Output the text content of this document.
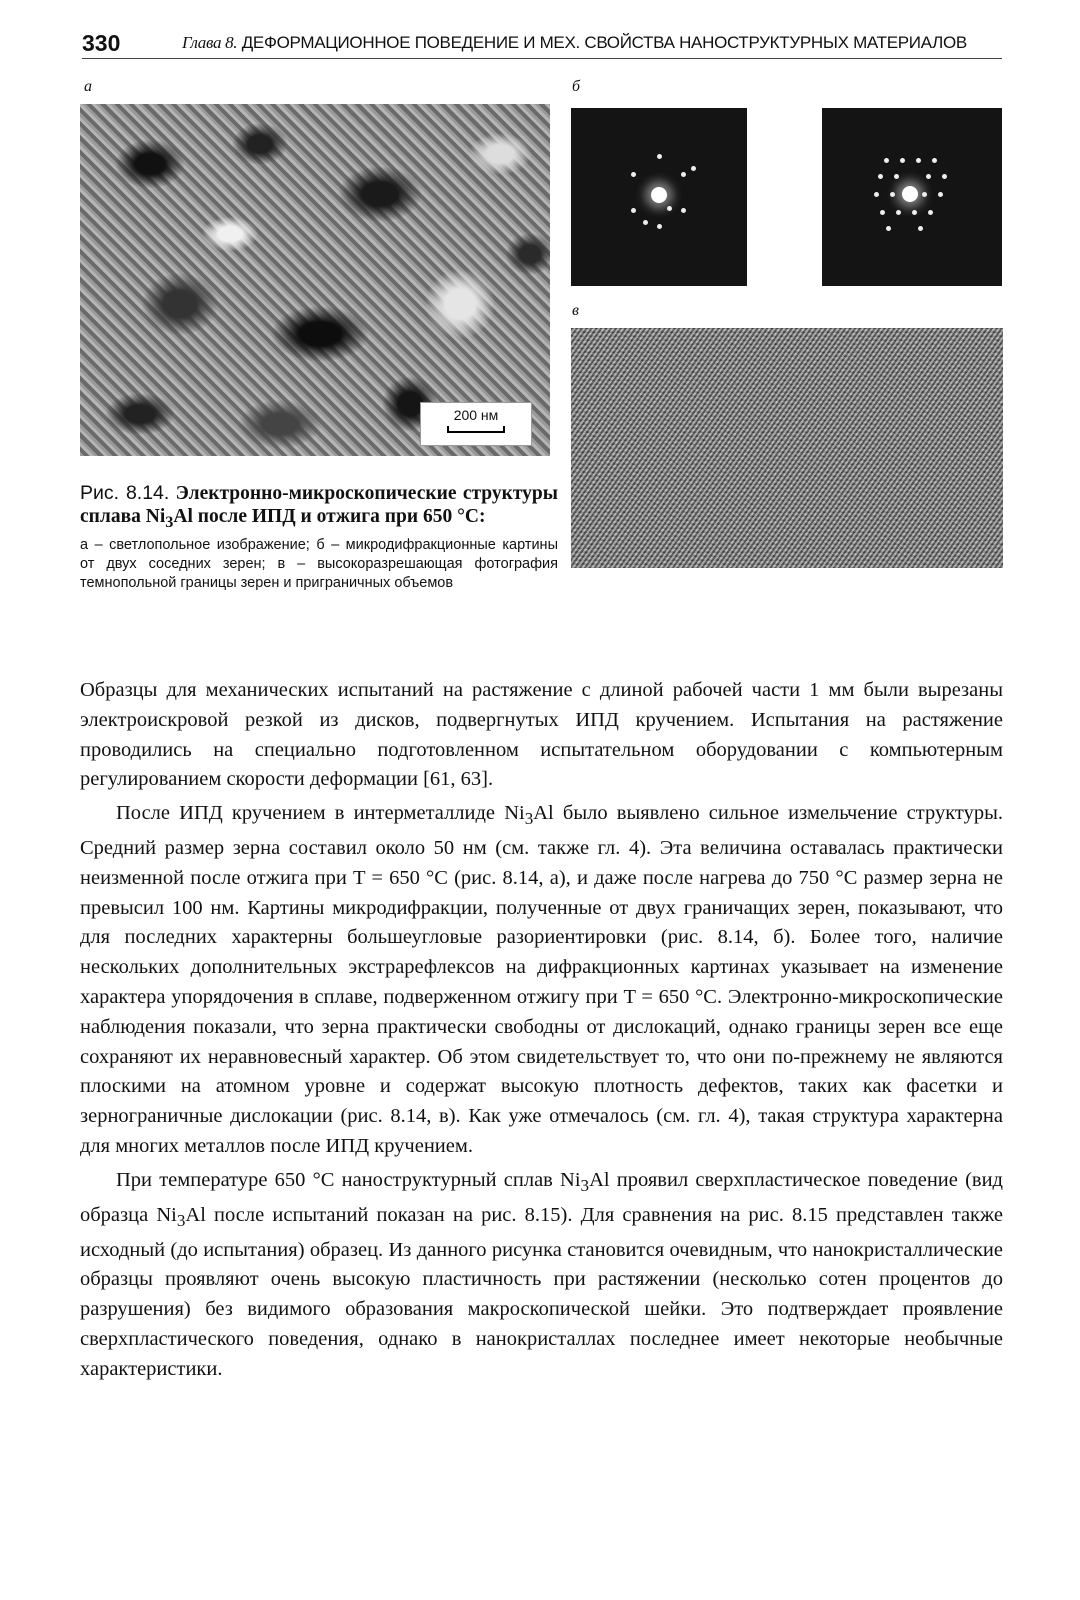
330	Глава 8. ДЕФОРМАЦИОННОЕ ПОВЕДЕНИЕ И МЕХ. СВОЙСТВА НАНОСТРУКТУРНЫХ МАТЕРИАЛОВ
а	б
в
200 нм
Рис. 8.14. Электронно-микроскопические структуры сплава $Ni_3Al$ после ИПД и отжига при 650 °С:
а – светлопольное изображение; б – микродифракционные картины от двух соседних зерен; в – высокоразрешающая фотография темнопольной границы зерен и приграничных объемов

Образцы для механических испытаний на растяжение с длиной рабочей части 1 мм были вырезаны электроискровой резкой из дисков, подвергнутых ИПД кручением. Испытания на растяжение проводились на специально подготовленном испытательном оборудовании с компьютерным регулированием скорости деформации [61, 63].

После ИПД кручением в интерметаллиде $Ni_3Al$ было выявлено сильное измельчение структуры. Средний размер зерна составил около 50 нм (см. также гл. 4). Эта величина оставалась практически неизменной после отжига при T = 650 °С (рис. 8.14, а), и даже после нагрева до 750 °С размер зерна не превысил 100 нм. Картины микродифракции, полученные от двух граничащих зерен, показывают, что для последних характерны большеугловые разориентировки (рис. 8.14, б). Более того, наличие нескольких дополнительных экстрарефлексов на дифракционных картинах указывает на изменение характера упорядочения в сплаве, подверженном отжигу при T = 650 °С. Электронно-микроскопические наблюдения показали, что зерна практически свободны от дислокаций, однако границы зерен все еще сохраняют их неравновесный характер. Об этом свидетельствует то, что они по-прежнему не являются плоскими на атомном уровне и содержат высокую плотность дефектов, таких как фасетки и зернограничные дислокации (рис. 8.14, в). Как уже отмечалось (см. гл. 4), такая структура характерна для многих металлов после ИПД кручением.

При температуре 650 °С наноструктурный сплав $Ni_3Al$ проявил сверхпластическое поведение (вид образца $Ni_3Al$ после испытаний показан на рис. 8.15). Для сравнения на рис. 8.15 представлен также исходный (до испытания) образец. Из данного рисунка становится очевидным, что нанокристаллические образцы проявляют очень высокую пластичность при растяжении (несколько сотен процентов до разрушения) без видимого образования макроскопической шейки. Это подтверждает проявление сверхпластического поведения, однако в нанокристаллах последнее имеет некоторые необычные характеристики.
